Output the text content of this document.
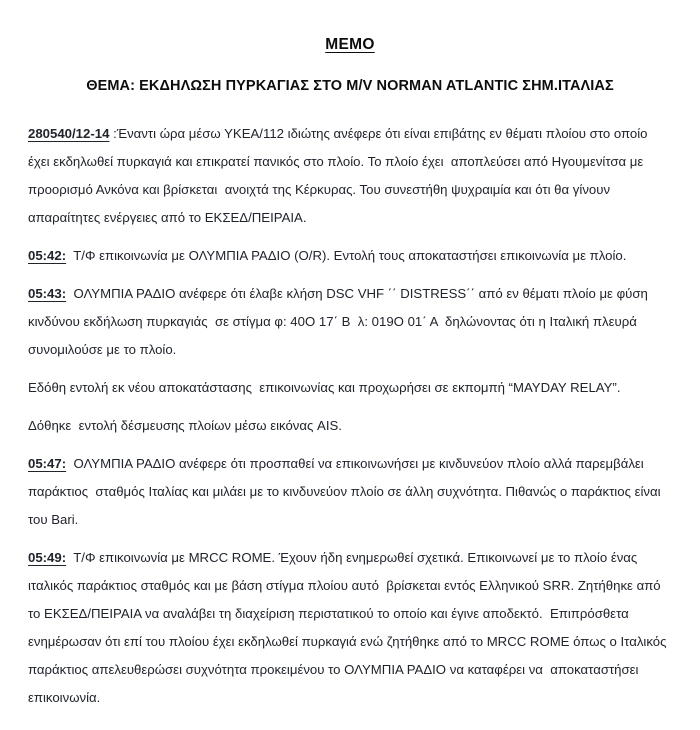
MEMO
ΘΕΜΑ: ΕΚΔΗΛΩΣΗ ΠΥΡΚΑΓΙΑΣ ΣΤΟ M/V NORMAN ATLANTIC ΣΗΜ.ΙΤΑΛΙΑΣ

280540/12-14 :Έναντι ώρα μέσω ΥΚΕΑ/112 ιδιώτης ανέφερε ότι είναι επιβάτης εν θέματι πλοίου στο οποίο έχει εκδηλωθεί πυρκαγιά και επικρατεί πανικός στο πλοίο. Το πλοίο έχει  αποπλεύσει από Ηγουμενίτσα με  προορισμό Ανκόνα και βρίσκεται  ανοιχτά της Κέρκυρας. Του συνεστήθη ψυχραιμία και ότι θα γίνουν απαραίτητες ενέργειες από το ΕΚΣΕΔ/ΠΕΙΡΑΙΑ.

05:42: Τ/Φ επικοινωνία με ΟΛΥΜΠΙΑ ΡΑΔΙΟ (O/R). Εντολή τους αποκαταστήσει επικοινωνία με πλοίο.

05:43: ΟΛΥΜΠΙΑ ΡΑΔΙΟ ανέφερε ότι έλαβε κλήση DSC VHF ΄΄ DISTRESS΄΄ από εν θέματι πλοίο με φύση κινδύνου εκδήλωση πυρκαγιάς  σε στίγμα φ: 40Ο 17΄ Β  λ: 019Ο 01΄ Α  δηλώνοντας ότι η Ιταλική πλευρά συνομιλούσε με το πλοίο.

Εδόθη εντολή εκ νέου αποκατάστασης  επικοινωνίας και προχωρήσει σε εκπομπή “MAYDAY RELAY”.

Δόθηκε  εντολή δέσμευσης πλοίων μέσω εικόνας AIS.

05:47: ΟΛΥΜΠΙΑ ΡΑΔΙΟ ανέφερε ότι προσπαθεί να επικοινωνήσει με κινδυνεύον πλοίο αλλά παρεμβάλει παράκτιος  σταθμός Ιταλίας και μιλάει με το κινδυνεύον πλοίο σε άλλη συχνότητα. Πιθανώς ο παράκτιος είναι του Bari.

05:49: Τ/Φ επικοινωνία με MRCC ROME. Έχουν ήδη ενημερωθεί σχετικά. Επικοινωνεί με το πλοίο ένας ιταλικός παράκτιος σταθμός και με βάση στίγμα πλοίου αυτό  βρίσκεται εντός Ελληνικού SRR. Ζητήθηκε από το ΕΚΣΕΔ/ΠΕΙΡΑΙΑ να αναλάβει τη διαχείριση περιστατικού το οποίο και έγινε αποδεκτό.  Επιπρόσθετα ενημέρωσαν ότι επί του πλοίου έχει εκδηλωθεί πυρκαγιά ενώ ζητήθηκε από το MRCC ROME όπως ο Ιταλικός παράκτιος απελευθερώσει συχνότητα προκειμένου το ΟΛΥΜΠΙΑ ΡΑΔΙΟ να καταφέρει να  αποκαταστήσει επικοινωνία.
